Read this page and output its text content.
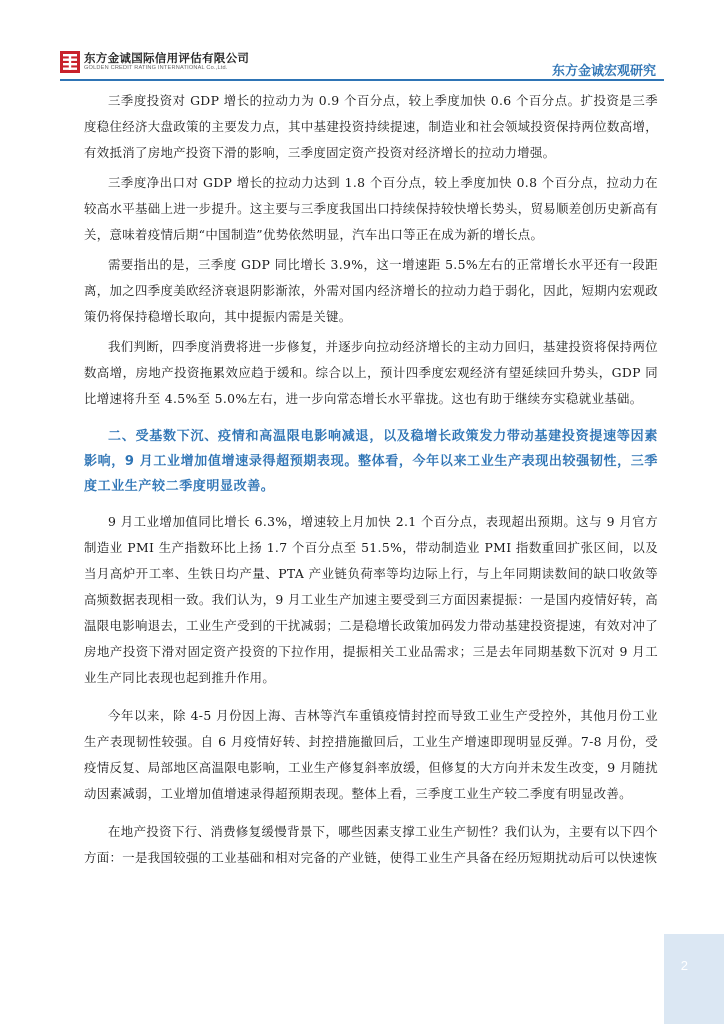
东方金诚国际信用评估有限公司
GOLDEN CREDIT RATING INTERNATIONAL Co.,Ltd.	东方金诚宏观研究

三季度投资对 GDP 增长的拉动力为 0.9 个百分点，较上季度加快 0.6 个百分点。扩投资是三季度稳住经济大盘政策的主要发力点，其中基建投资持续提速，制造业和社会领域投资保持两位数高增，有效抵消了房地产投资下滑的影响，三季度固定资产投资对经济增长的拉动力增强。

三季度净出口对 GDP 增长的拉动力达到 1.8 个百分点，较上季度加快 0.8 个百分点，拉动力在较高水平基础上进一步提升。这主要与三季度我国出口持续保持较快增长势头，贸易顺差创历史新高有关，意味着疫情后期“中国制造”优势依然明显，汽车出口等正在成为新的增长点。

需要指出的是，三季度 GDP 同比增长 3.9%，这一增速距 5.5%左右的正常增长水平还有一段距离，加之四季度美欧经济衰退阴影渐浓，外需对国内经济增长的拉动力趋于弱化，因此，短期内宏观政策仍将保持稳增长取向，其中提振内需是关键。

我们判断，四季度消费将进一步修复，并逐步向拉动经济增长的主动力回归，基建投资将保持两位数高增，房地产投资拖累效应趋于缓和。综合以上，预计四季度宏观经济有望延续回升势头，GDP 同比增速将升至 4.5%至 5.0%左右，进一步向常态增长水平靠拢。这也有助于继续夯实稳就业基础。

二、受基数下沉、疫情和高温限电影响减退，以及稳增长政策发力带动基建投资提速等因素影响，9 月工业增加值增速录得超预期表现。整体看，今年以来工业生产表现出较强韧性，三季度工业生产较二季度明显改善。

9 月工业增加值同比增长 6.3%，增速较上月加快 2.1 个百分点，表现超出预期。这与 9 月官方制造业 PMI 生产指数环比上扬 1.7 个百分点至 51.5%，带动制造业 PMI 指数重回扩张区间，以及当月高炉开工率、生铁日均产量、PTA 产业链负荷率等均边际上行，与上年同期读数间的缺口收敛等高频数据表现相一致。我们认为，9 月工业生产加速主要受到三方面因素提振：一是国内疫情好转，高温限电影响退去，工业生产受到的干扰减弱；二是稳增长政策加码发力带动基建投资提速，有效对冲了房地产投资下滑对固定资产投资的下拉作用，提振相关工业品需求；三是去年同期基数下沉对 9 月工业生产同比表现也起到推升作用。

今年以来，除 4-5 月份因上海、吉林等汽车重镇疫情封控而导致工业生产受控外，其他月份工业生产表现韧性较强。自 6 月疫情好转、封控措施撤回后，工业生产增速即现明显反弹。7-8 月份，受疫情反复、局部地区高温限电影响，工业生产修复斜率放缓，但修复的大方向并未发生改变，9 月随扰动因素减弱，工业增加值增速录得超预期表现。整体上看，三季度工业生产较二季度有明显改善。

在地产投资下行、消费修复缓慢背景下，哪些因素支撑工业生产韧性？我们认为，主要有以下四个方面：一是我国较强的工业基础和相对完备的产业链，使得工业生产具备在经历短期扰动后可以快速恢

2
